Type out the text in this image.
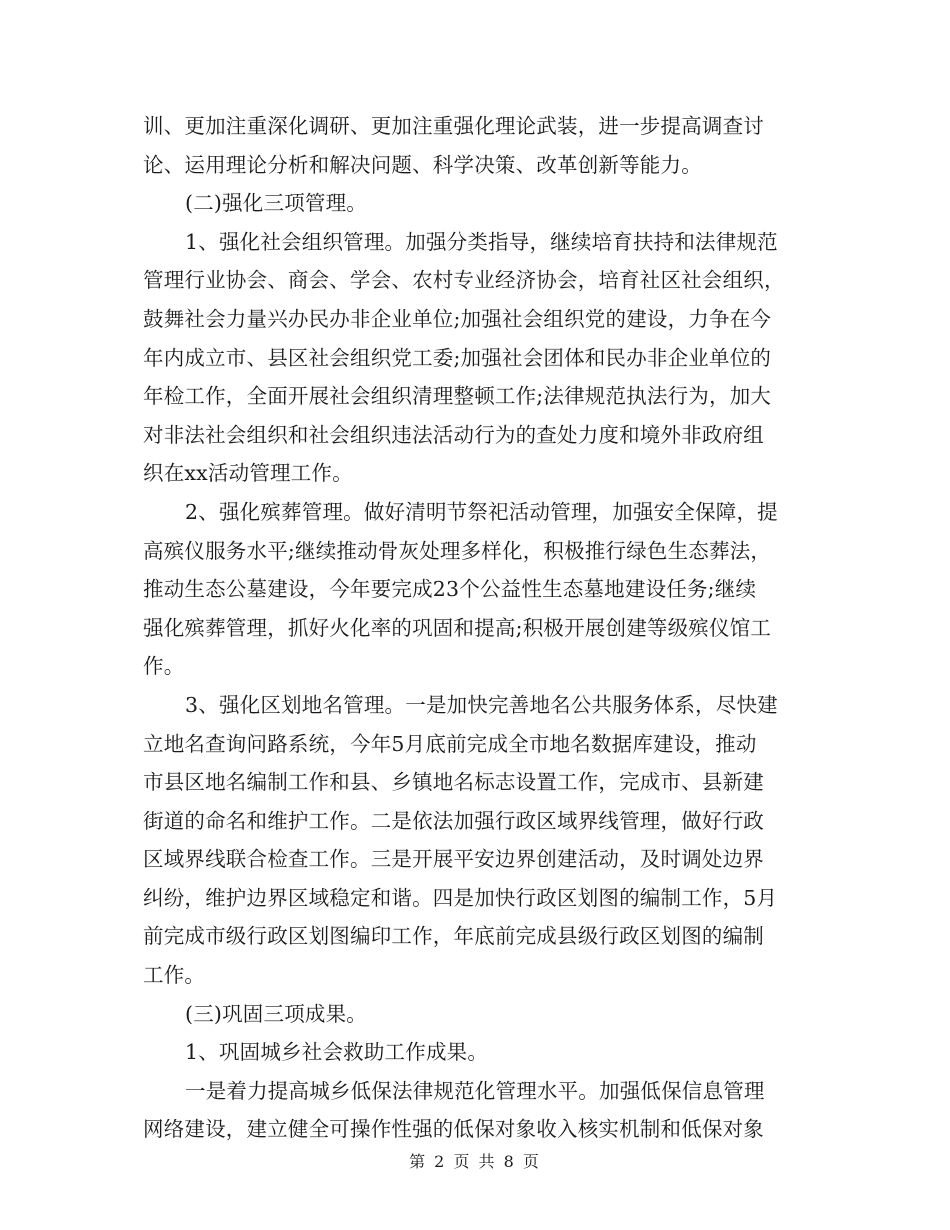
训、更加注重深化调研、更加注重强化理论武装，进一步提高调查讨
论、运用理论分析和解决问题、科学决策、改革创新等能力。
(二)强化三项管理。
1、强化社会组织管理。加强分类指导，继续培育扶持和法律规范
管理行业协会、商会、学会、农村专业经济协会，培育社区社会组织，
鼓舞社会力量兴办民办非企业单位;加强社会组织党的建设，力争在今
年内成立市、县区社会组织党工委;加强社会团体和民办非企业单位的
年检工作，全面开展社会组织清理整顿工作;法律规范执法行为，加大
对非法社会组织和社会组织违法活动行为的查处力度和境外非政府组
织在xx活动管理工作。
2、强化殡葬管理。做好清明节祭祀活动管理，加强安全保障，提
高殡仪服务水平;继续推动骨灰处理多样化，积极推行绿色生态葬法，
推动生态公墓建设，今年要完成23个公益性生态墓地建设任务;继续
强化殡葬管理，抓好火化率的巩固和提高;积极开展创建等级殡仪馆工
作。
3、强化区划地名管理。一是加快完善地名公共服务体系，尽快建
立地名查询问路系统，今年5月底前完成全市地名数据库建设，推动
市县区地名编制工作和县、乡镇地名标志设置工作，完成市、县新建
街道的命名和维护工作。二是依法加强行政区域界线管理，做好行政
区域界线联合检查工作。三是开展平安边界创建活动，及时调处边界
纠纷，维护边界区域稳定和谐。四是加快行政区划图的编制工作，5月
前完成市级行政区划图编印工作，年底前完成县级行政区划图的编制
工作。
(三)巩固三项成果。
1、巩固城乡社会救助工作成果。
一是着力提高城乡低保法律规范化管理水平。加强低保信息管理
网络建设，建立健全可操作性强的低保对象收入核实机制和低保对象
第 2 页 共 8 页
